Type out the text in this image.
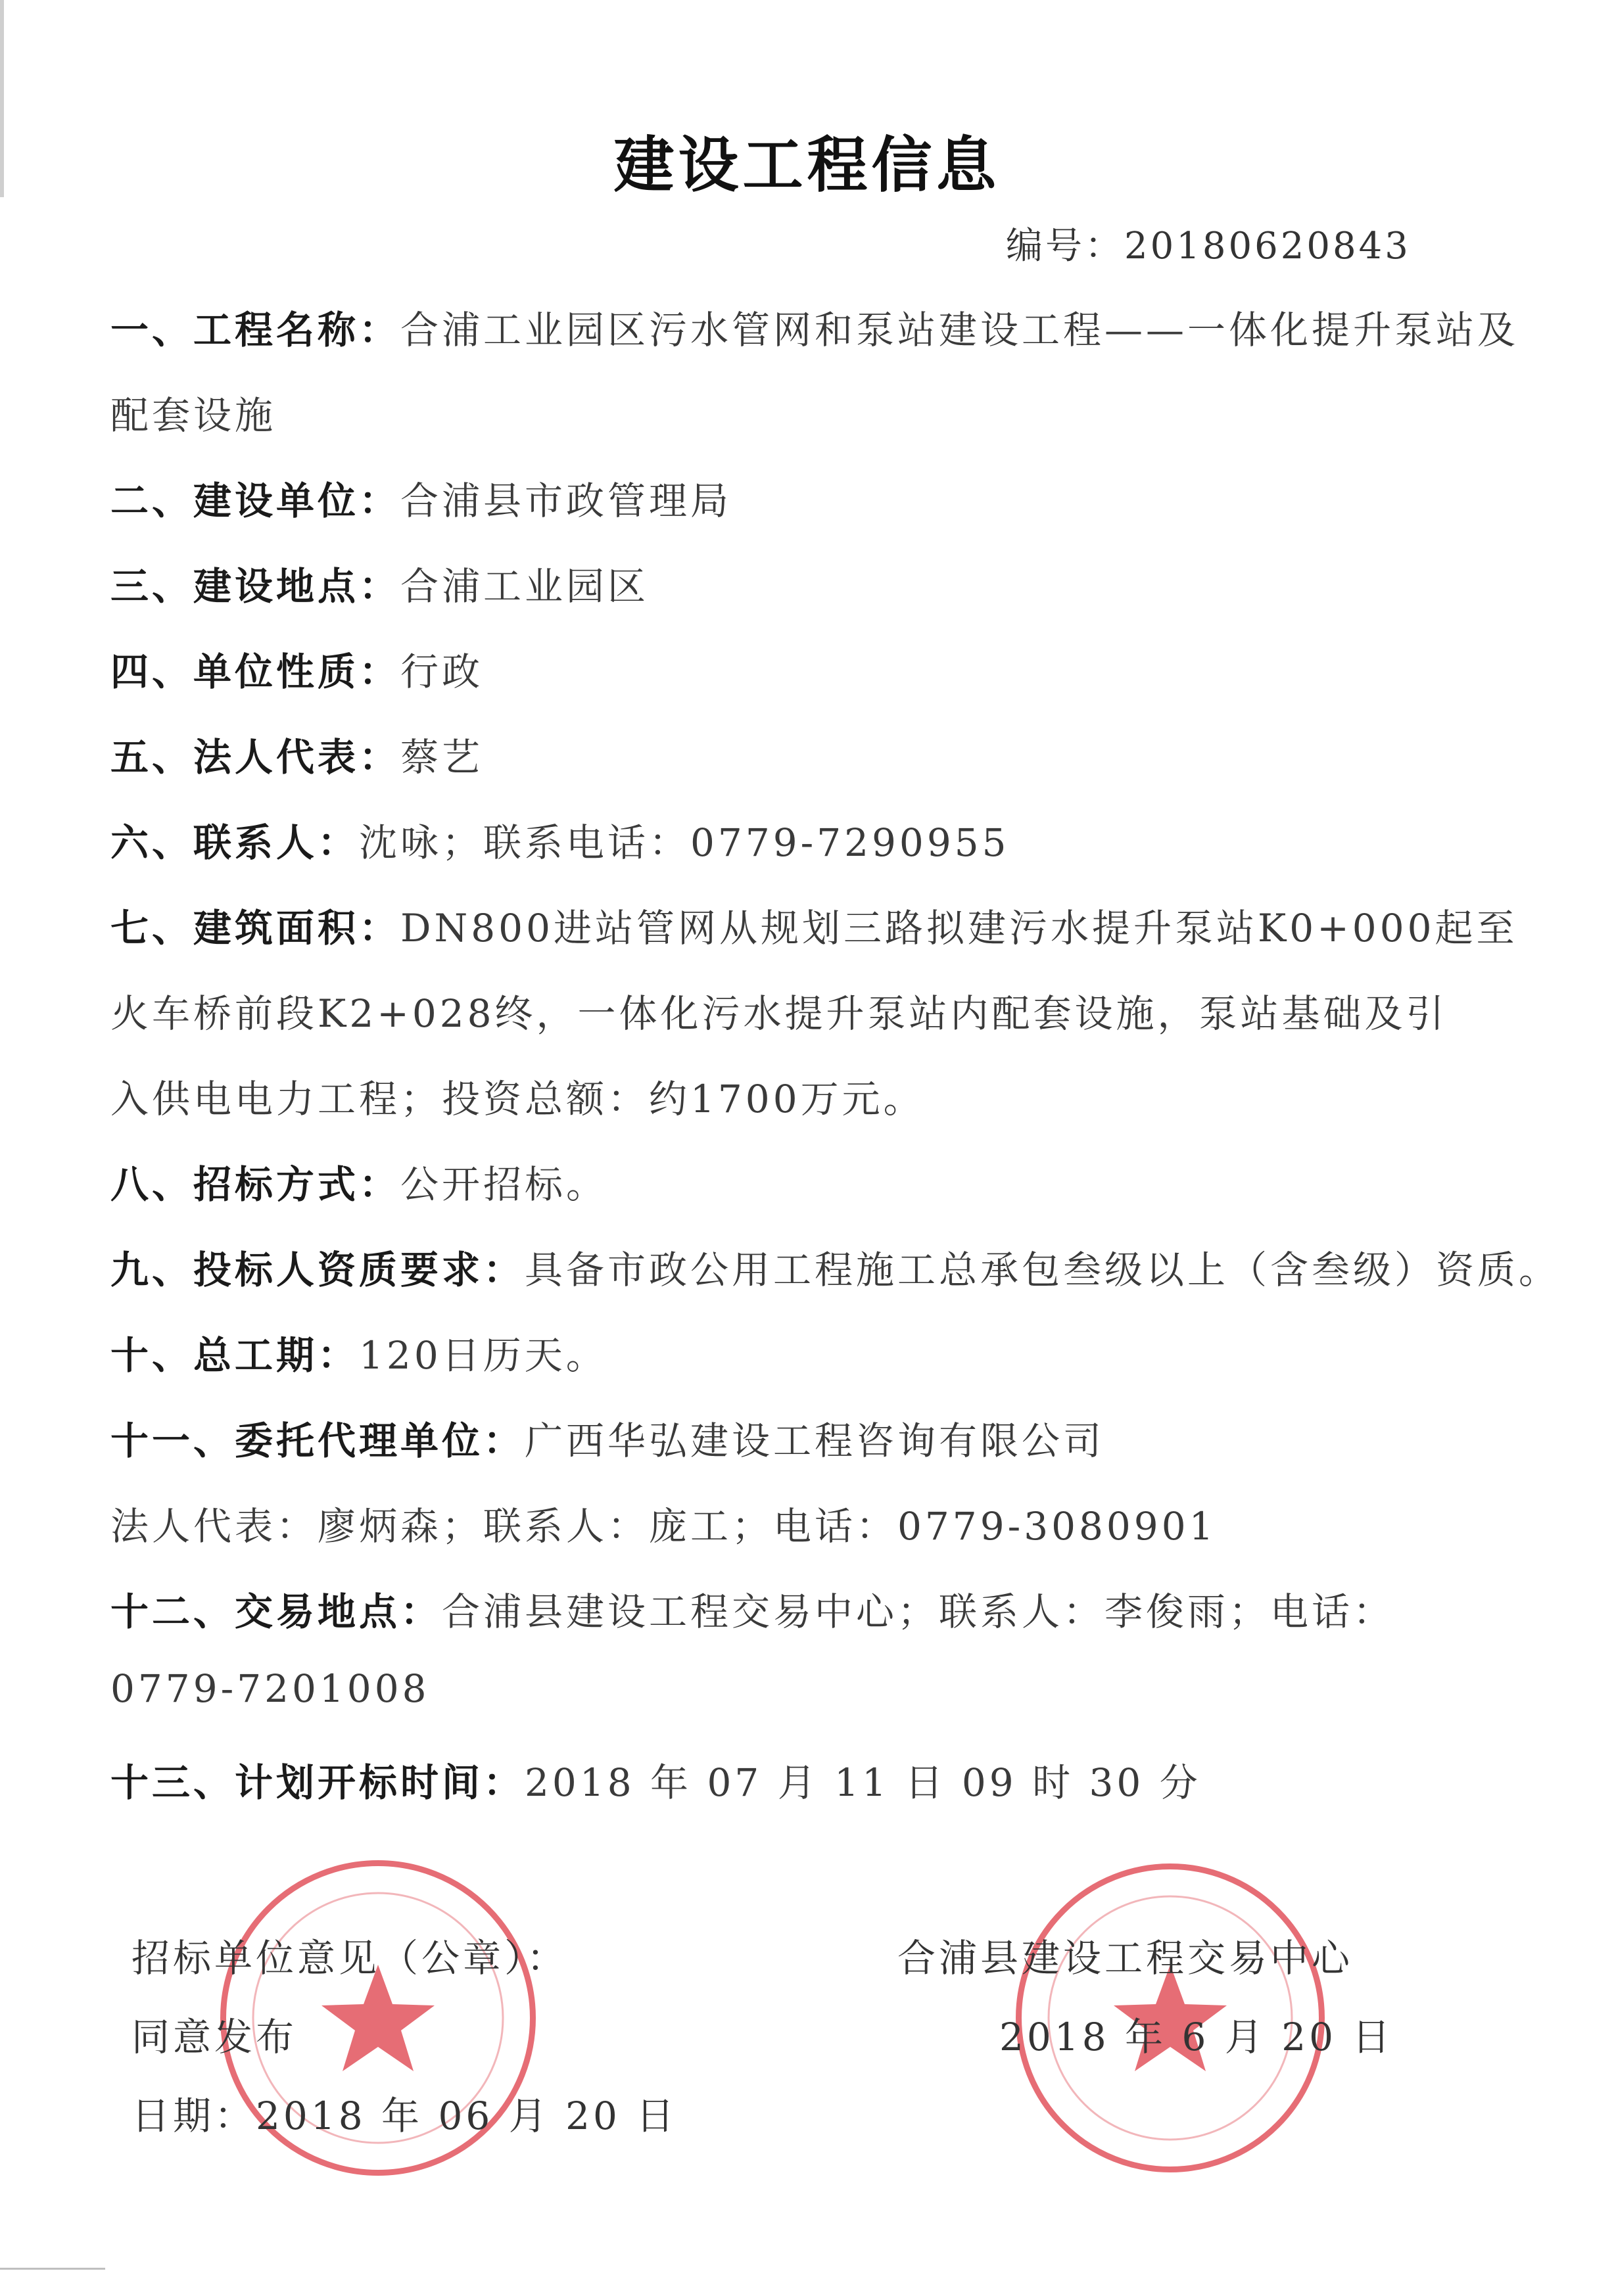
建设工程信息
编号：20180620843
一、工程名称：合浦工业园区污水管网和泵站建设工程——一体化提升泵站及
配套设施
二、建设单位：合浦县市政管理局
三、建设地点：合浦工业园区
四、单位性质：行政
五、法人代表：蔡艺
六、联系人：沈咏；联系电话：0779-7290955
七、建筑面积：DN800进站管网从规划三路拟建污水提升泵站K0+000起至
火车桥前段K2+028终，一体化污水提升泵站内配套设施，泵站基础及引
入供电电力工程；投资总额：约1700万元。
八、招标方式：公开招标。
九、投标人资质要求：具备市政公用工程施工总承包叁级以上（含叁级）资质。
十、总工期：120日历天。
十一、委托代理单位：广西华弘建设工程咨询有限公司
法人代表：廖炳森；联系人：庞工；电话：0779-3080901
十二、交易地点：合浦县建设工程交易中心；联系人：李俊雨；电话：
0779-7201008
十三、计划开标时间：2018 年 07 月 11 日 09 时 30 分
招标单位意见（公章）：
同意发布
日期：2018 年 06 月 20 日
合浦县建设工程交易中心
2018 年 6 月 20 日
